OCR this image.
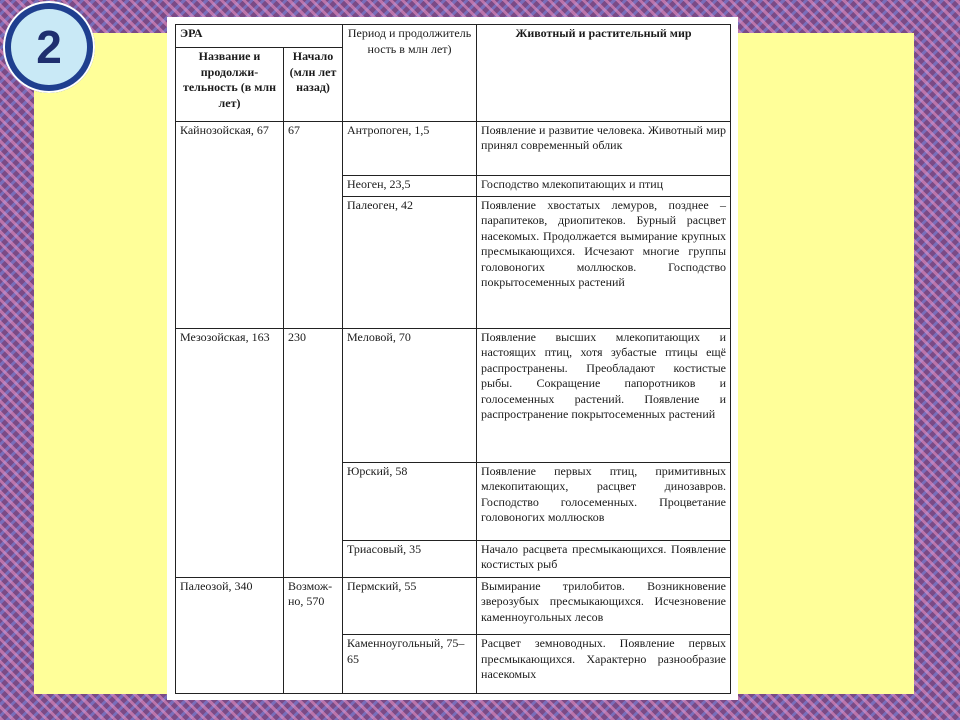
ЭРА		Период и продолжитель ность в млн лет)	Животный и растительный мир
Название и продолжи-тельность (в млн лет)	Начало (млн лет назад)		
Кайнозойская, 67	67	Антропоген, 1,5	Появление и развитие человека. Животный мир принял современный облик
		Неоген, 23,5	Господство млекопитающих и птиц
		Палеоген, 42	Появление хвостатых лемуров, позднее – парапитеков, дриопитеков. Бурный расцвет насекомых. Продолжается вымирание крупных пресмыкающихся. Исчезают многие группы головоногих моллюсков. Господство покрытосеменных растений
Мезозойская, 163	230	Меловой, 70	Появление высших млекопитающих и настоящих птиц, хотя зубастые птицы ещё распространены. Преобладают костистые рыбы. Сокращение папоротников и голосеменных растений. Появление и распространение покрытосеменных растений
		Юрский, 58	Появление первых птиц, примитивных млекопитающих, расцвет динозавров. Господство голосеменных. Процветание головоногих моллюсков
		Триасовый, 35	Начало расцвета пресмыкающихся. Появление костистых рыб
Палеозой, 340	Возмож-но, 570	Пермский, 55	Вымирание трилобитов. Возникновение зверозубых пресмыкающихся. Исчезновение каменноугольных лесов
		Каменноугольный, 75–65	Расцвет земноводных. Появление первых пресмыкающихся. Характерно разнообразие насекомых
2
